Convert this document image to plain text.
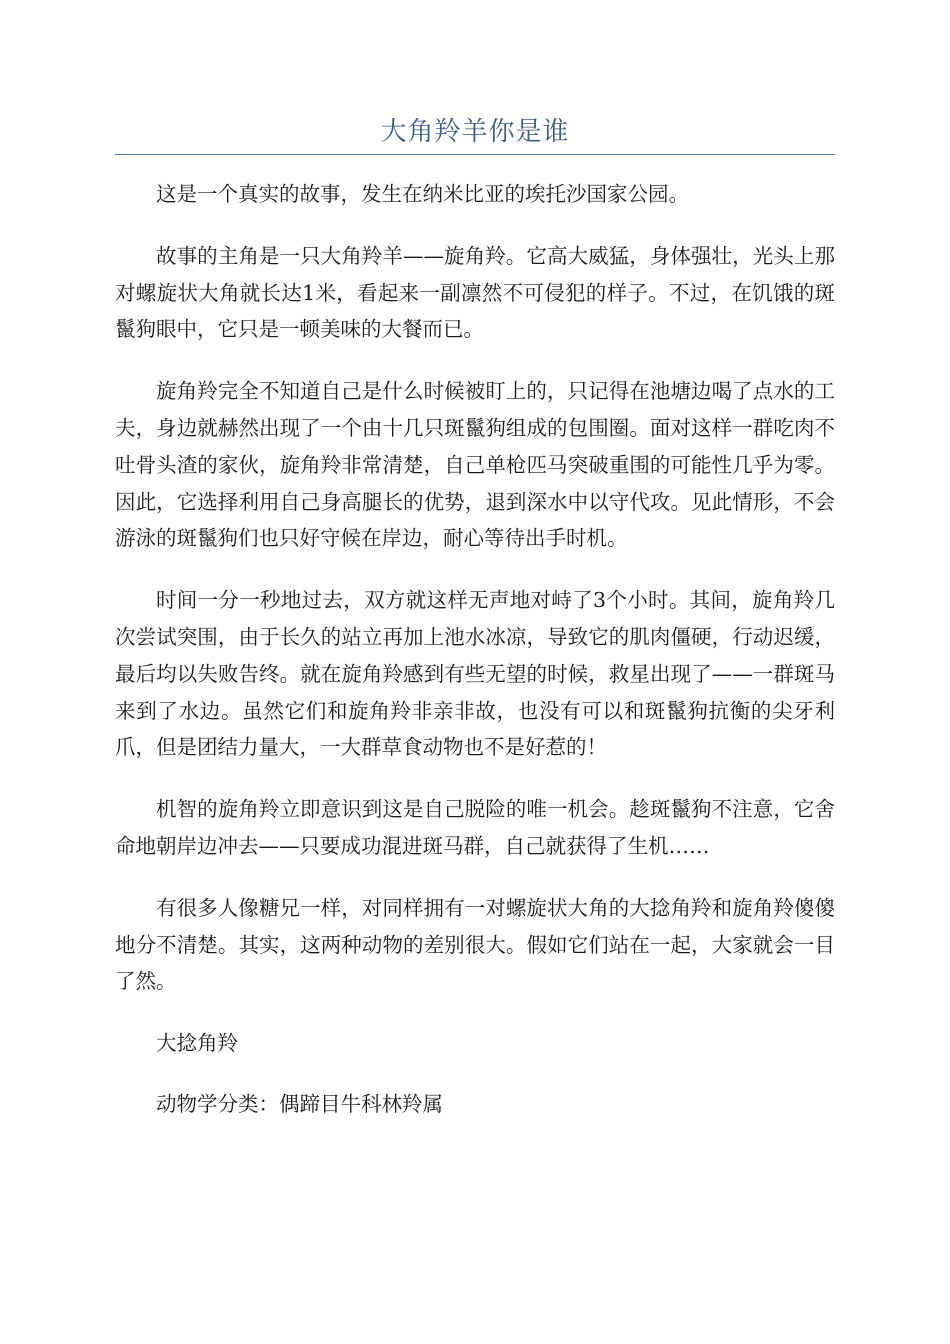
大角羚羊你是谁

这是一个真实的故事，发生在纳米比亚的埃托沙国家公园。

故事的主角是一只大角羚羊——旋角羚。它高大威猛，身体强壮，光头上那对螺旋状大角就长达1米，看起来一副凛然不可侵犯的样子。不过，在饥饿的斑鬣狗眼中，它只是一顿美味的大餐而已。

旋角羚完全不知道自己是什么时候被盯上的，只记得在池塘边喝了点水的工夫，身边就赫然出现了一个由十几只斑鬣狗组成的包围圈。面对这样一群吃肉不吐骨头渣的家伙，旋角羚非常清楚，自己单枪匹马突破重围的可能性几乎为零。因此，它选择利用自己身高腿长的优势，退到深水中以守代攻。见此情形，不会游泳的斑鬣狗们也只好守候在岸边，耐心等待出手时机。

时间一分一秒地过去，双方就这样无声地对峙了3个小时。其间，旋角羚几次尝试突围，由于长久的站立再加上池水冰凉，导致它的肌肉僵硬，行动迟缓，最后均以失败告终。就在旋角羚感到有些无望的时候，救星出现了——一群斑马来到了水边。虽然它们和旋角羚非亲非故，也没有可以和斑鬣狗抗衡的尖牙利爪，但是团结力量大，一大群草食动物也不是好惹的！

机智的旋角羚立即意识到这是自己脱险的唯一机会。趁斑鬣狗不注意，它舍命地朝岸边冲去——只要成功混进斑马群，自己就获得了生机……

有很多人像糖兄一样，对同样拥有一对螺旋状大角的大捻角羚和旋角羚傻傻地分不清楚。其实，这两种动物的差别很大。假如它们站在一起，大家就会一目了然。

大捻角羚

动物学分类：偶蹄目牛科林羚属
